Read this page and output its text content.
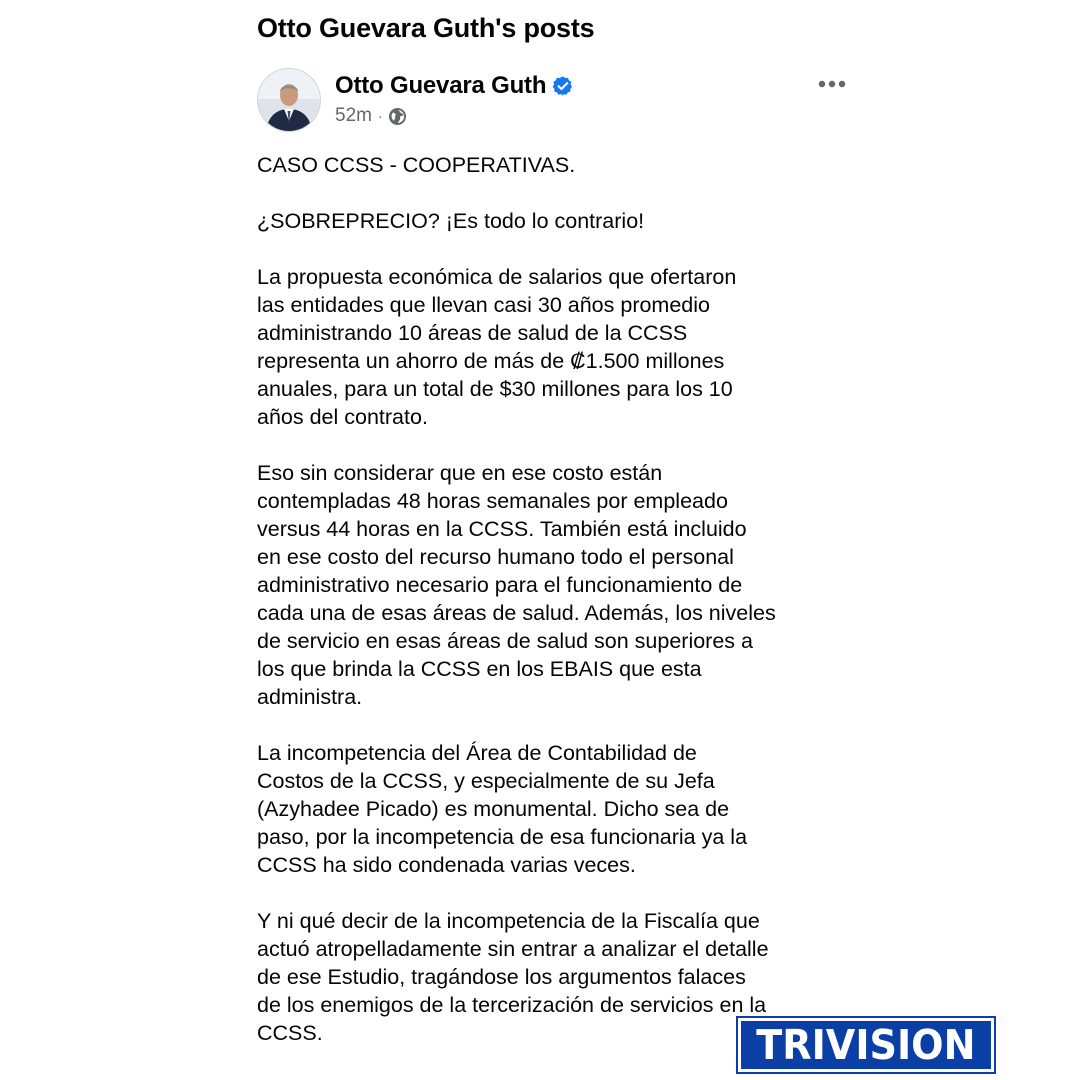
Otto Guevara Guth's posts
Otto Guevara Guth
52m ·

CASO CCSS - COOPERATIVAS.

¿SOBREPRECIO? ¡Es todo lo contrario!

La propuesta económica de salarios que ofertaron
las entidades que llevan casi 30 años promedio
administrando 10 áreas de salud de la CCSS
representa un ahorro de más de ₡1.500 millones
anuales, para un total de $30 millones para los 10
años del contrato.

Eso sin considerar que en ese costo están
contempladas 48 horas semanales por empleado
versus 44 horas en la CCSS. También está incluido
en ese costo del recurso humano todo el personal
administrativo necesario para el funcionamiento de
cada una de esas áreas de salud. Además, los niveles
de servicio en esas áreas de salud son superiores a
los que brinda la CCSS en los EBAIS que esta
administra.

La incompetencia del Área de Contabilidad de
Costos de la CCSS, y especialmente de su Jefa
(Azyhadee Picado) es monumental. Dicho sea de
paso, por la incompetencia de esa funcionaria ya la
CCSS ha sido condenada varias veces.

Y ni qué decir de la incompetencia de la Fiscalía que
actuó atropelladamente sin entrar a analizar el detalle
de ese Estudio, tragándose los argumentos falaces
de los enemigos de la tercerización de servicios en la
CCSS.	TRIVISION
